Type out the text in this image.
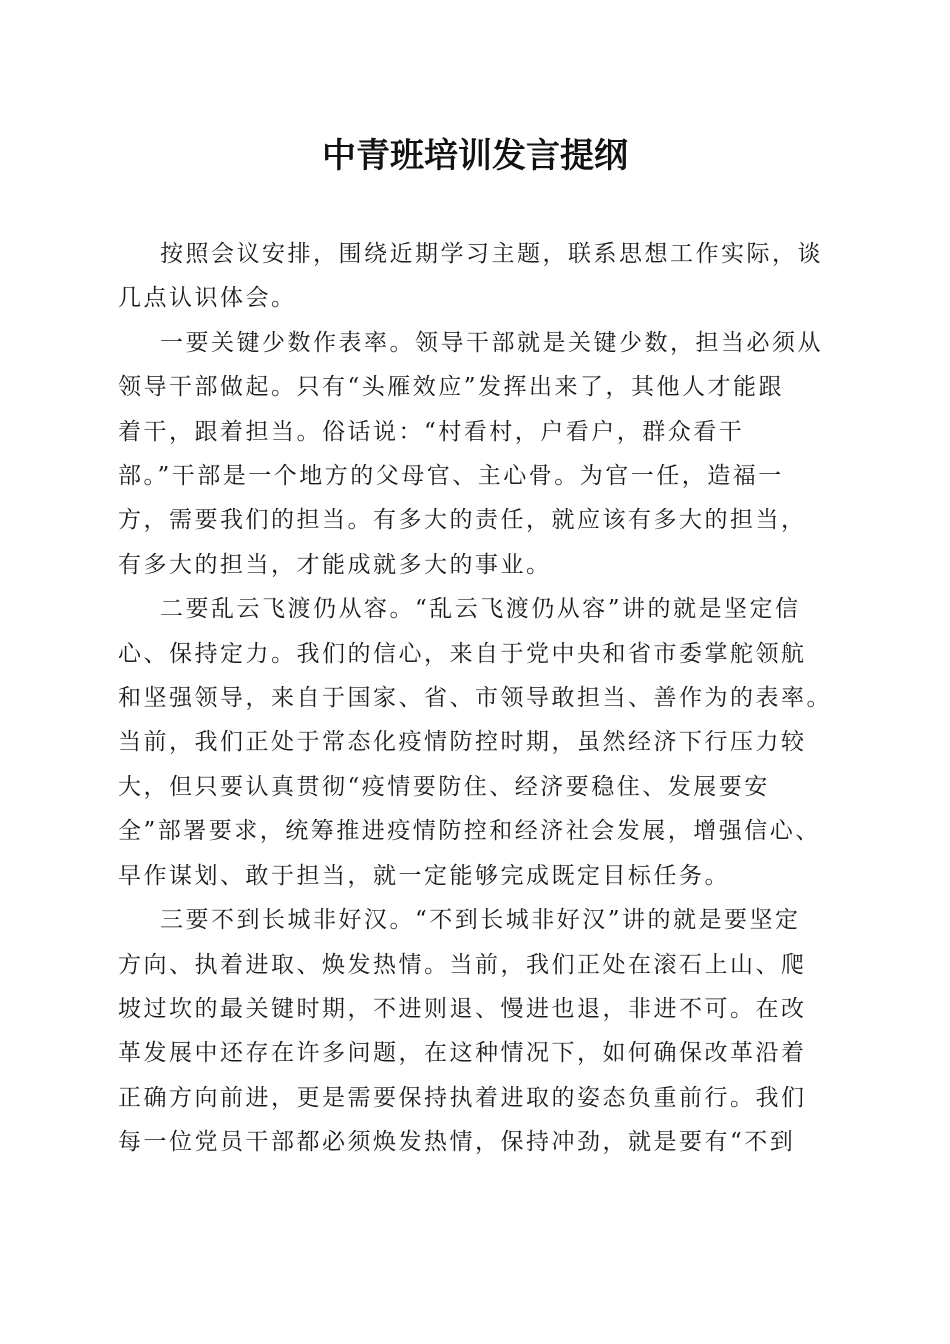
中青班培训发言提纲

按照会议安排，围绕近期学习主题，联系思想工作实际，谈

几点认识体会。

一要关键少数作表率。领导干部就是关键少数，担当必须从

领导干部做起。只有“头雁效应”发挥出来了，其他人才能跟

着干，跟着担当。俗话说：“村看村，户看户，群众看干

部。”干部是一个地方的父母官、主心骨。为官一任，造福一

方，需要我们的担当。有多大的责任，就应该有多大的担当，

有多大的担当，才能成就多大的事业。

二要乱云飞渡仍从容。“乱云飞渡仍从容”讲的就是坚定信

心、保持定力。我们的信心，来自于党中央和省市委掌舵领航

和坚强领导，来自于国家、省、市领导敢担当、善作为的表率。

当前，我们正处于常态化疫情防控时期，虽然经济下行压力较

大，但只要认真贯彻“疫情要防住、经济要稳住、发展要安

全”部署要求，统筹推进疫情防控和经济社会发展，增强信心、

早作谋划、敢于担当，就一定能够完成既定目标任务。

三要不到长城非好汉。“不到长城非好汉”讲的就是要坚定

方向、执着进取、焕发热情。当前，我们正处在滚石上山、爬

坡过坎的最关键时期，不进则退、慢进也退，非进不可。在改

革发展中还存在许多问题，在这种情况下，如何确保改革沿着

正确方向前进，更是需要保持执着进取的姿态负重前行。我们

每一位党员干部都必须焕发热情，保持冲劲，就是要有“不到
